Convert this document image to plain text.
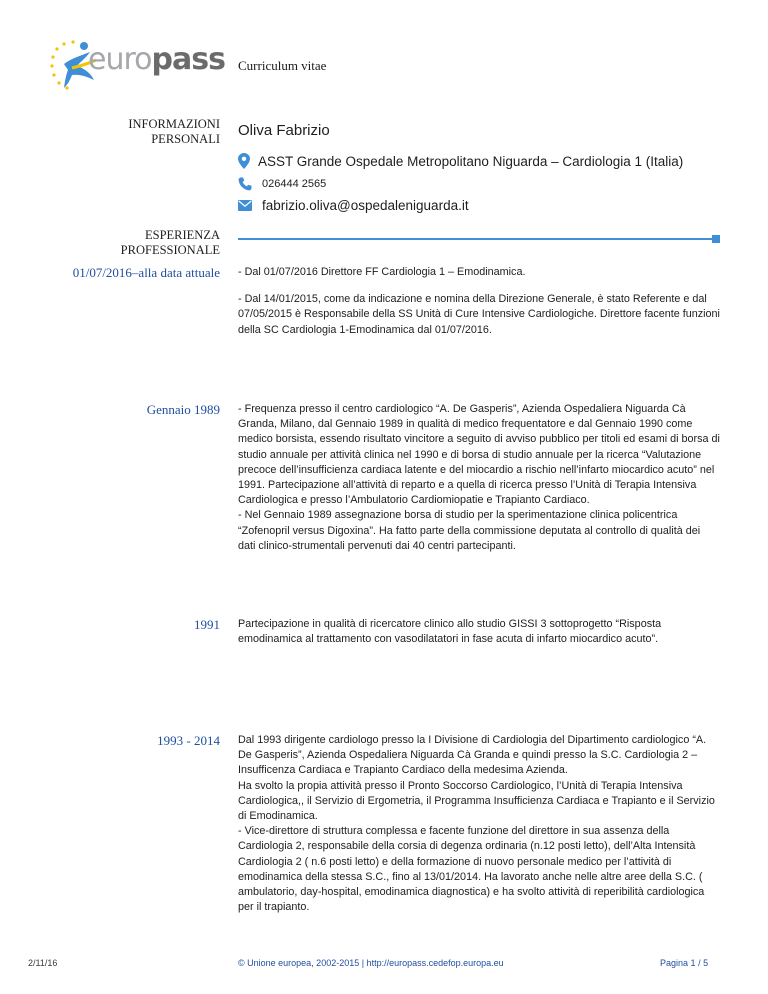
europass Curriculum vitae
INFORMAZIONI
PERSONALI Oliva Fabrizio
ASST Grande Ospedale Metropolitano Niguarda – Cardiologia 1 (Italia)
026444 2565
fabrizio.oliva@ospedaleniguarda.it
ESPERIENZA
PROFESSIONALE
01/07/2016–alla data attuale - Dal 01/07/2016 Direttore FF Cardiologia 1 – Emodinamica.

- Dal 14/01/2015, come da indicazione e nomina della Direzione Generale, è stato Referente e dal 07/05/2015 è Responsabile della SS Unità di Cure Intensive Cardiologiche. Direttore facente funzioni della SC Cardiologia 1-Emodinamica dal 01/07/2016.

Gennaio 1989 - Frequenza presso il centro cardiologico “A. De Gasperis”, Azienda Ospedaliera Niguarda Cà Granda, Milano, dal Gennaio 1989 in qualità di medico frequentatore e dal Gennaio 1990 come medico borsista, essendo risultato vincitore a seguito di avviso pubblico per titoli ed esami di borsa di studio annuale per attività clinica nel 1990 e di borsa di studio annuale per la ricerca “Valutazione precoce dell’insufficienza cardiaca latente e del miocardio a rischio nell’infarto miocardico acuto” nel 1991. Partecipazione all’attività di reparto e a quella di ricerca presso l’Unità di Terapia Intensiva Cardiologica e presso l’Ambulatorio Cardiomiopatie e Trapianto Cardiaco.

- Nel Gennaio 1989 assegnazione borsa di studio per la sperimentazione clinica policentrica “Zofenopril versus Digoxina”. Ha fatto parte della commissione deputata al controllo di qualità dei dati clinico-strumentali pervenuti dai 40 centri partecipanti.

1991 Partecipazione in qualità di ricercatore clinico allo studio GISSI 3 sottoprogetto “Risposta emodinamica al trattamento con vasodilatatori in fase acuta di infarto miocardico acuto”.

1993 - 2014 Dal 1993 dirigente cardiologo presso la I Divisione di Cardiologia del Dipartimento cardiologico “A. De Gasperis”, Azienda Ospedaliera Niguarda Cà Granda e quindi presso la S.C. Cardiologia 2 – Insufficenza Cardiaca e Trapianto Cardiaco della medesima Azienda.

Ha svolto la propia attività presso il Pronto Soccorso Cardiologico, l’Unità di Terapia Intensiva Cardiologica,, il Servizio di Ergometria, il Programma Insufficienza Cardiaca e Trapianto e il Servizio di Emodinamica.

- Vice-direttore di struttura complessa e facente funzione del direttore in sua assenza della Cardiologia 2, responsabile della corsia di degenza ordinaria (n.12 posti letto), dell’Alta Intensità Cardiologia 2 ( n.6 posti letto) e della formazione di nuovo personale medico per l’attività di emodinamica della stessa S.C., fino al 13/01/2014. Ha lavorato anche nelle altre aree della S.C. ( ambulatorio, day-hospital, emodinamica diagnostica) e ha svolto attività di reperibilità cardiologica per il trapianto.

2/11/16	© Unione europea, 2002-2015 | http://europass.cedefop.europa.eu	Pagina 1 / 5
